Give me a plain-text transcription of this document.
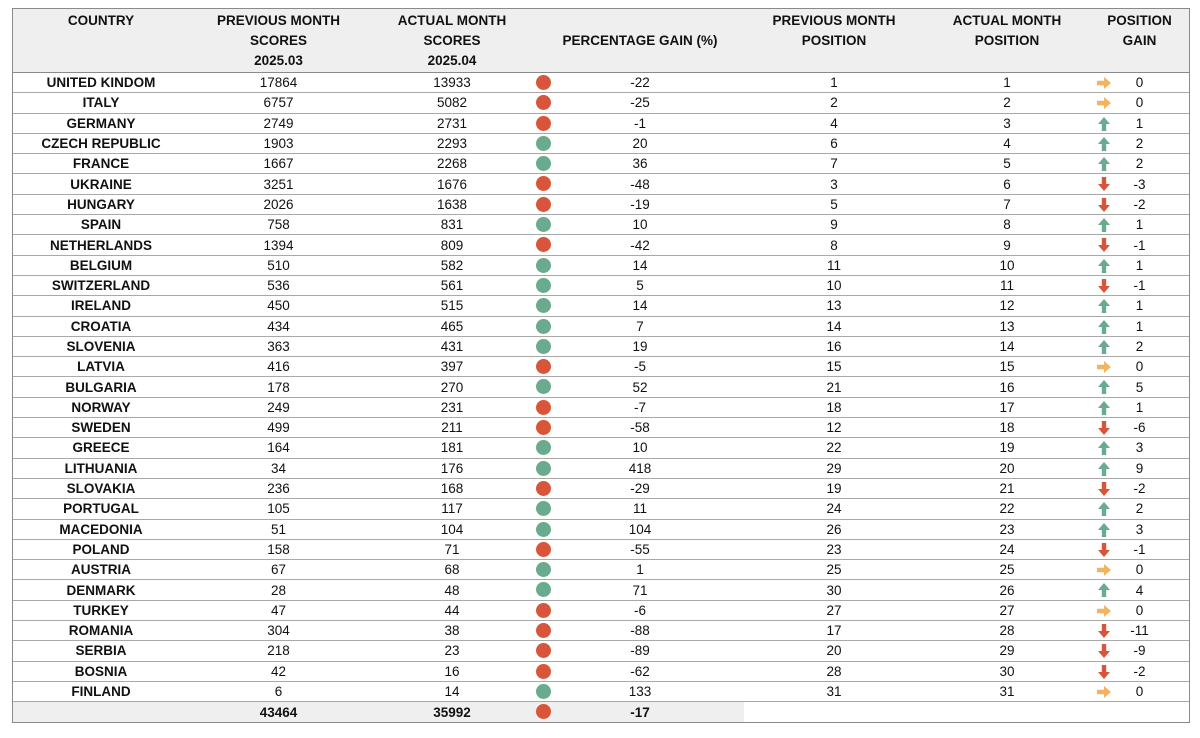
COUNTRY	PREVIOUS MONTH
SCORES
2025.03	ACTUAL MONTH
SCORES
2025.04	PERCENTAGE GAIN (%)	PREVIOUS MONTH
POSITION	ACTUAL MONTH
POSITION	POSITION
GAIN

UNITED KINDOM	17864	13933	-22	1	1	0

ITALY	6757	5082	-25	2	2	0

GERMANY	2749	2731	-1	4	3	1

CZECH REPUBLIC	1903	2293	20	6	4	2

FRANCE	1667	2268	36	7	5	2

UKRAINE	3251	1676	-48	3	6	-3

HUNGARY	2026	1638	-19	5	7	-2

SPAIN	758	831	10	9	8	1

NETHERLANDS	1394	809	-42	8	9	-1

BELGIUM	510	582	14	11	10	1

SWITZERLAND	536	561	5	10	11	-1

IRELAND	450	515	14	13	12	1

CROATIA	434	465	7	14	13	1

SLOVENIA	363	431	19	16	14	2

LATVIA	416	397	-5	15	15	0

BULGARIA	178	270	52	21	16	5

NORWAY	249	231	-7	18	17	1

SWEDEN	499	211	-58	12	18	-6

GREECE	164	181	10	22	19	3

LITHUANIA	34	176	418	29	20	9

SLOVAKIA	236	168	-29	19	21	-2

PORTUGAL	105	117	11	24	22	2

MACEDONIA	51	104	104	26	23	3

POLAND	158	71	-55	23	24	-1

AUSTRIA	67	68	1	25	25	0

DENMARK	28	48	71	30	26	4

TURKEY	47	44	-6	27	27	0

ROMANIA	304	38	-88	17	28	-11

SERBIA	218	23	-89	20	29	-9

BOSNIA	42	16	-62	28	30	-2

FINLAND	6	14	133	31	31	0

	43464	35992	-17			
